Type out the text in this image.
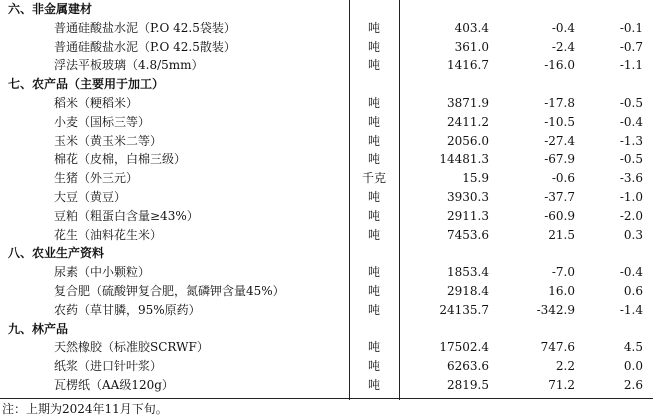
六、非金属建材
普通硅酸盐水泥（P.O 42.5袋装）	吨	403.4	-0.4	-0.1
普通硅酸盐水泥（P.O 42.5散装）	吨	361.0	-2.4	-0.7
浮法平板玻璃（4.8/5mm）	吨	1416.7	-16.0	-1.1
七、农产品（主要用于加工）
稻米（粳稻米）	吨	3871.9	-17.8	-0.5
小麦（国标三等）	吨	2411.2	-10.5	-0.4
玉米（黄玉米二等）	吨	2056.0	-27.4	-1.3
棉花（皮棉，白棉三级）	吨	14481.3	-67.9	-0.5
生猪（外三元）	千克	15.9	-0.6	-3.6
大豆（黄豆）	吨	3930.3	-37.7	-1.0
豆粕（粗蛋白含量≥43%）	吨	2911.3	-60.9	-2.0
花生（油料花生米）	吨	7453.6	21.5	0.3
八、农业生产资料
尿素（中小颗粒）	吨	1853.4	-7.0	-0.4
复合肥（硫酸钾复合肥，氮磷钾含量45%）	吨	2918.4	16.0	0.6
农药（草甘膦，95%原药）	吨	24135.7	-342.9	-1.4
九、林产品
天然橡胶（标准胶SCRWF）	吨	17502.4	747.6	4.5
纸浆（进口针叶浆）	吨	6263.6	2.2	0.0
瓦楞纸（AA级120g）	吨	2819.5	71.2	2.6
注：上期为2024年11月下旬。
